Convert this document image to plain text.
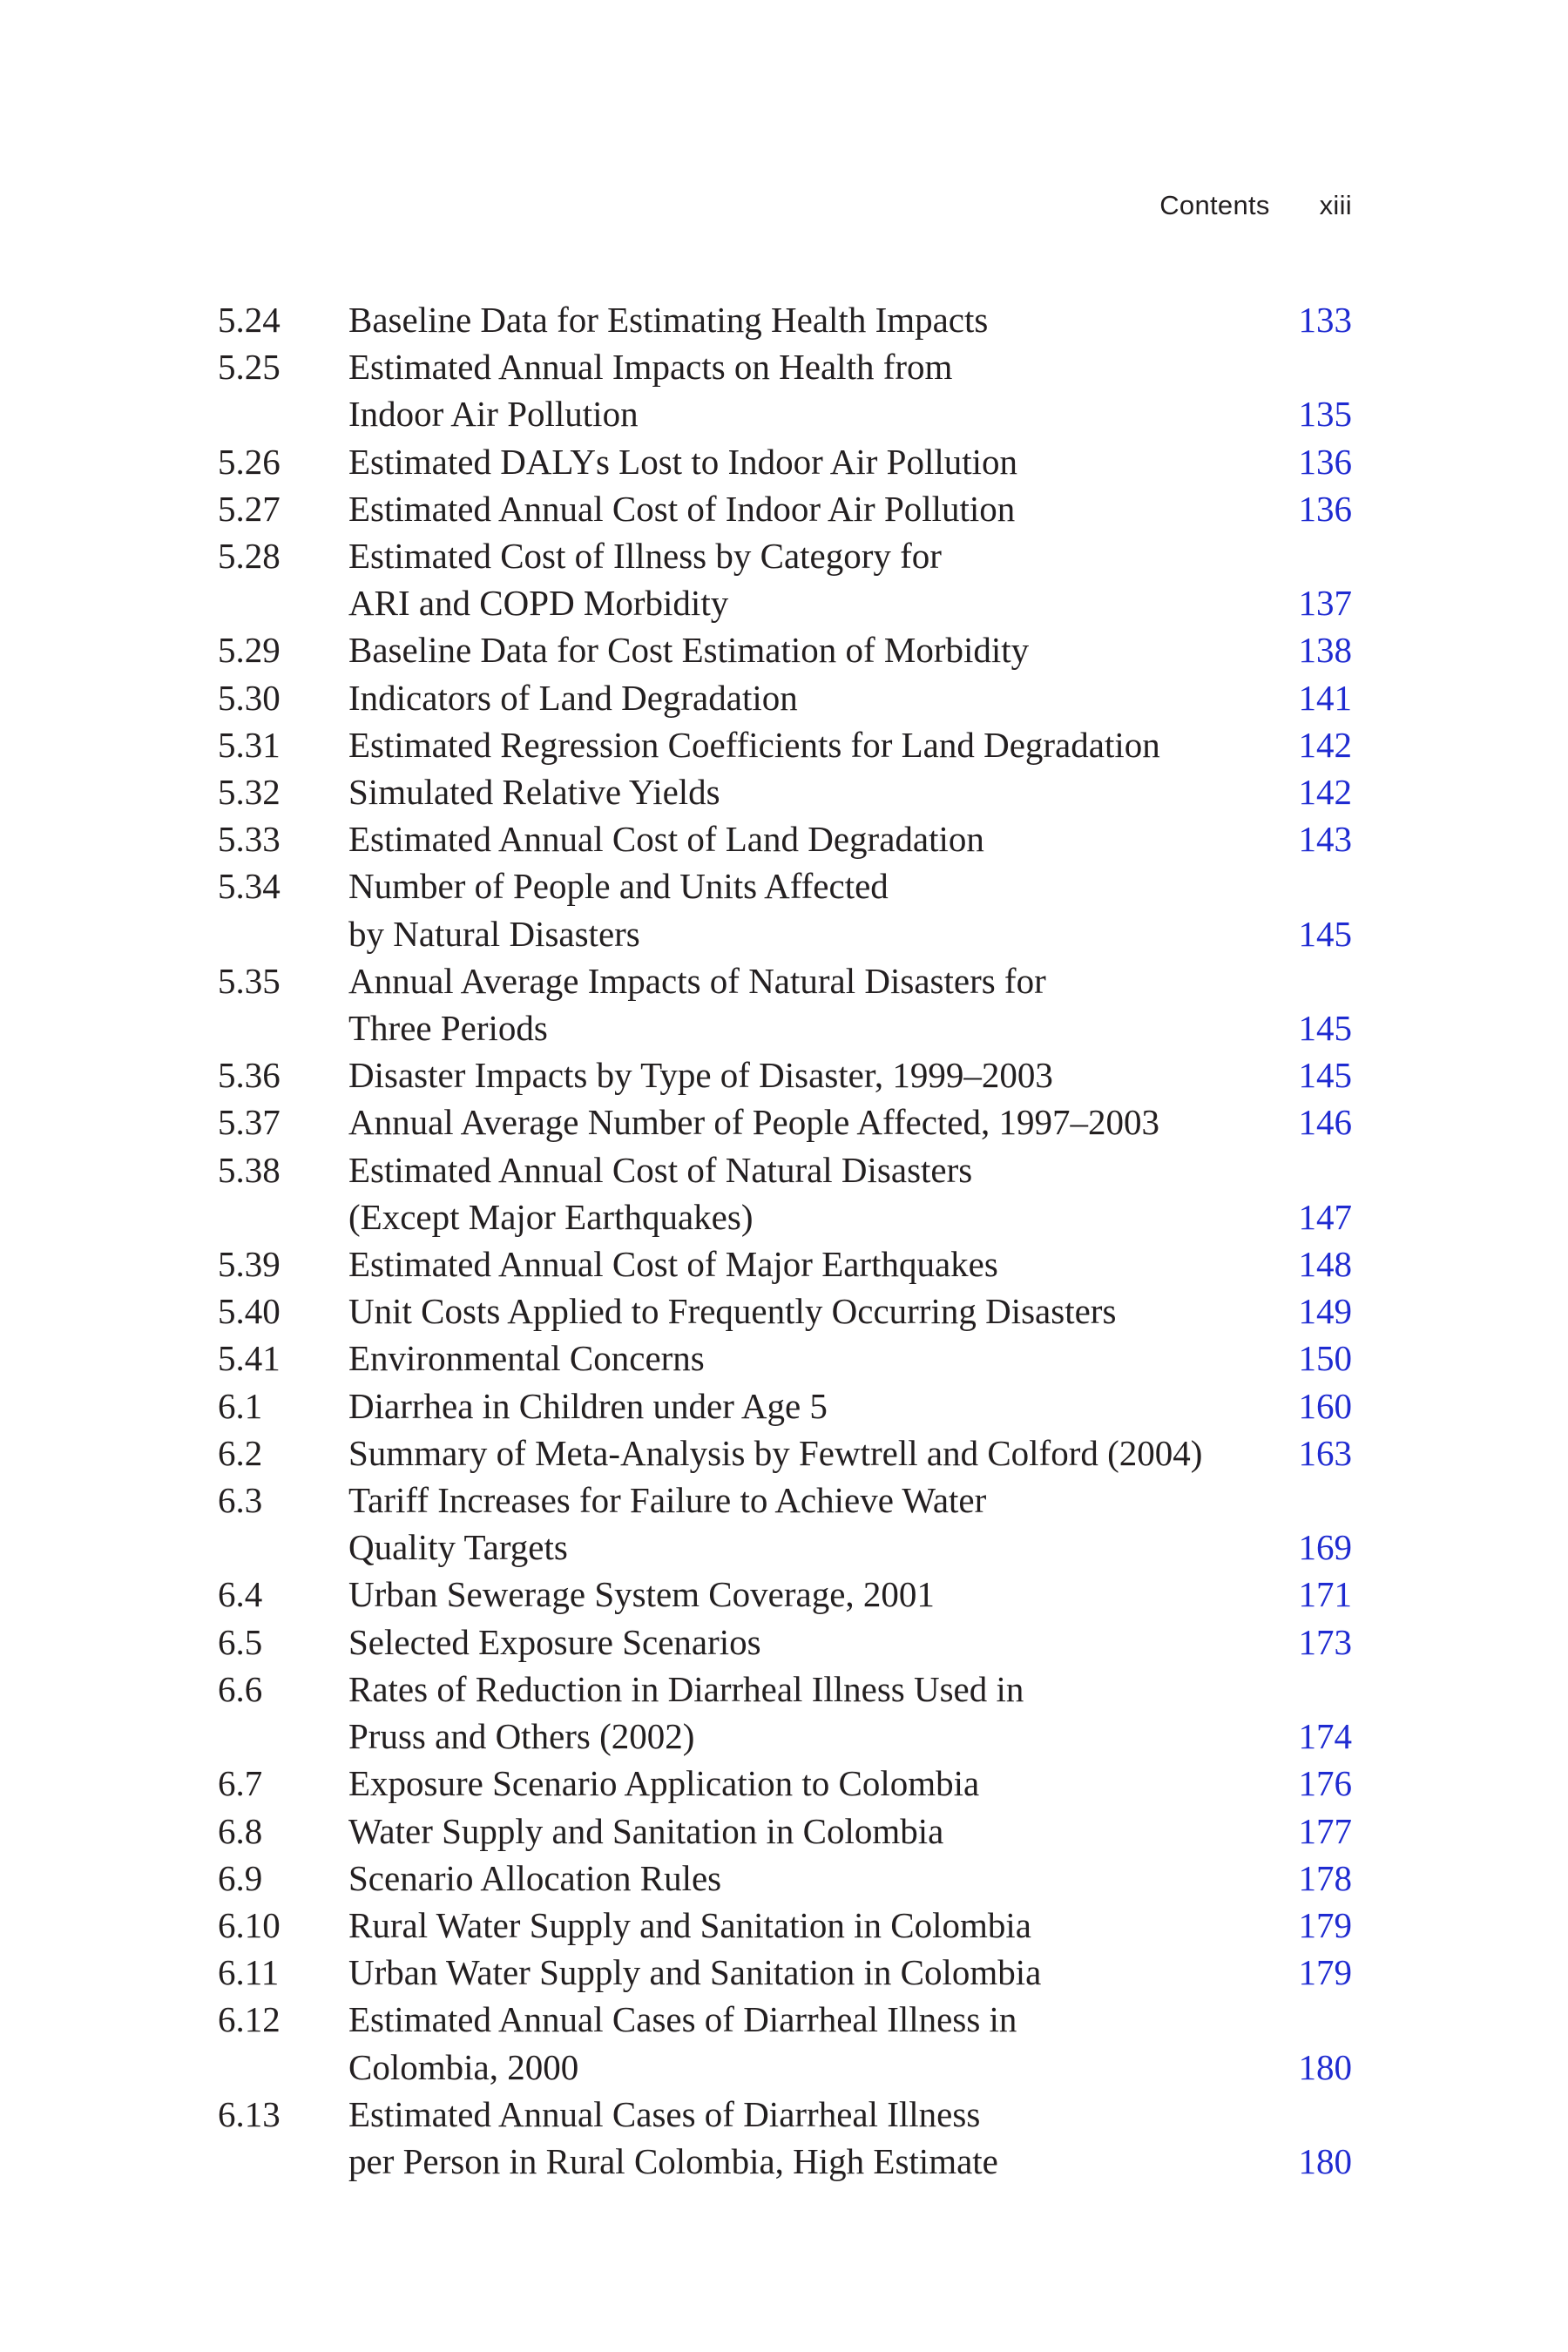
Contents xiii
5.24	Baseline Data for Estimating Health Impacts	133
5.25	Estimated Annual Impacts on Health from
Indoor Air Pollution	135
5.26	Estimated DALYs Lost to Indoor Air Pollution	136
5.27	Estimated Annual Cost of Indoor Air Pollution	136
5.28	Estimated Cost of Illness by Category for
ARI and COPD Morbidity	137
5.29	Baseline Data for Cost Estimation of Morbidity	138
5.30	Indicators of Land Degradation	141
5.31	Estimated Regression Coefficients for Land Degradation	142
5.32	Simulated Relative Yields	142
5.33	Estimated Annual Cost of Land Degradation	143
5.34	Number of People and Units Affected
by Natural Disasters	145
5.35	Annual Average Impacts of Natural Disasters for
Three Periods	145
5.36	Disaster Impacts by Type of Disaster, 1999–2003	145
5.37	Annual Average Number of People Affected, 1997–2003	146
5.38	Estimated Annual Cost of Natural Disasters
(Except Major Earthquakes)	147
5.39	Estimated Annual Cost of Major Earthquakes	148
5.40	Unit Costs Applied to Frequently Occurring Disasters	149
5.41	Environmental Concerns	150
6.1	Diarrhea in Children under Age 5	160
6.2	Summary of Meta-Analysis by Fewtrell and Colford (2004)	163
6.3	Tariff Increases for Failure to Achieve Water
Quality Targets	169
6.4	Urban Sewerage System Coverage, 2001	171
6.5	Selected Exposure Scenarios	173
6.6	Rates of Reduction in Diarrheal Illness Used in
Pruss and Others (2002)	174
6.7	Exposure Scenario Application to Colombia	176
6.8	Water Supply and Sanitation in Colombia	177
6.9	Scenario Allocation Rules	178
6.10	Rural Water Supply and Sanitation in Colombia	179
6.11	Urban Water Supply and Sanitation in Colombia	179
6.12	Estimated Annual Cases of Diarrheal Illness in
Colombia, 2000	180
6.13	Estimated Annual Cases of Diarrheal Illness
per Person in Rural Colombia, High Estimate	180
